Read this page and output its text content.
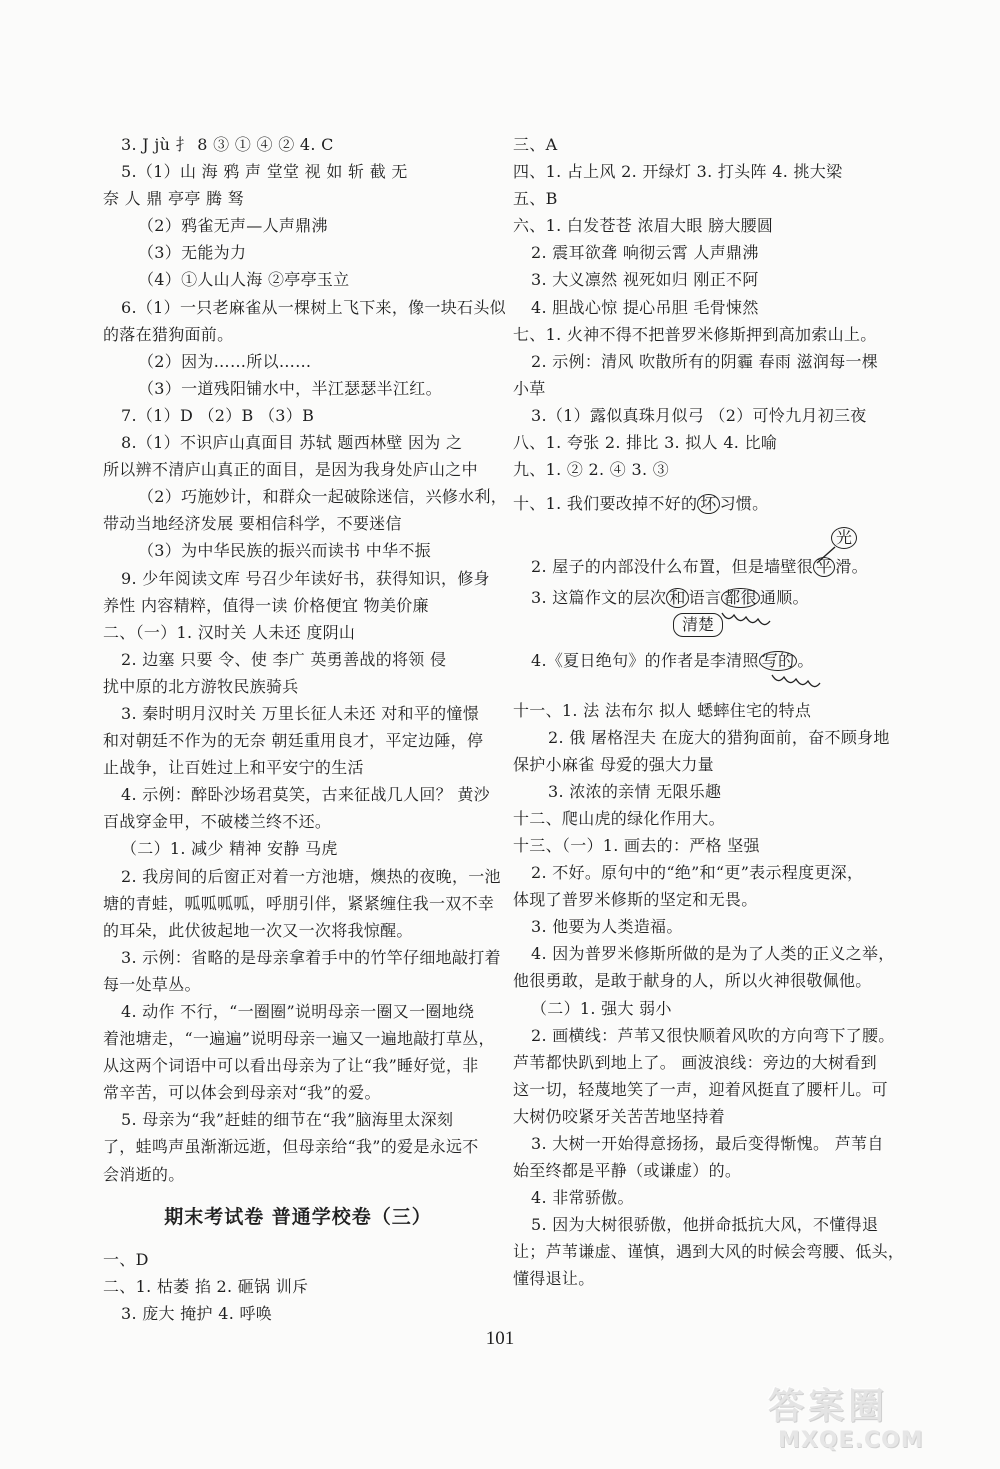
3. J jù 扌 8 ③ ① ④ ② 4. C
5.（1）山 海 鸦 声 堂堂 视 如 斩 截 无
奈 人 鼎 亭亭 腾 驽
（2）鸦雀无声—人声鼎沸
（3）无能为力
（4）①人山人海 ②亭亭玉立
6.（1）一只老麻雀从一棵树上飞下来，像一块石头似
的落在猎狗面前。
（2）因为……所以……
（3）一道残阳铺水中，半江瑟瑟半江红。
7.（1）D （2）B （3）B
8.（1）不识庐山真面目 苏轼 题西林壁 因为 之
所以辨不清庐山真正的面目，是因为我身处庐山之中
（2）巧施妙计，和群众一起破除迷信，兴修水利，
带动当地经济发展 要相信科学，不要迷信
（3）为中华民族的振兴而读书 中华不振
9. 少年阅读文库 号召少年读好书，获得知识，修身
养性 内容精粹，值得一读 价格便宜 物美价廉
二、（一）1. 汉时关 人未还 度阴山
2. 边塞 只要 令、使 李广 英勇善战的将领 侵
扰中原的北方游牧民族骑兵
3. 秦时明月汉时关 万里长征人未还 对和平的憧憬
和对朝廷不作为的无奈 朝廷重用良才，平定边陲，停
止战争，让百姓过上和平安宁的生活
4. 示例：醉卧沙场君莫笑，古来征战几人回？ 黄沙
百战穿金甲，不破楼兰终不还。
（二）1. 减少 精神 安静 马虎
2. 我房间的后窗正对着一方池塘，燠热的夜晚，一池
塘的青蛙，呱呱呱呱，呼朋引伴，紧紧缠住我一双不幸
的耳朵，此伏彼起地一次又一次将我惊醒。
3. 示例：省略的是母亲拿着手中的竹竿仔细地敲打着
每一处草丛。
4. 动作 不行，“一圈圈”说明母亲一圈又一圈地绕
着池塘走，“一遍遍”说明母亲一遍又一遍地敲打草丛，
从这两个词语中可以看出母亲为了让“我”睡好觉，非
常辛苦，可以体会到母亲对“我”的爱。
5. 母亲为“我”赶蛙的细节在“我”脑海里太深刻
了，蛙鸣声虽渐渐远逝，但母亲给“我”的爱是永远不
会消逝的。
期末考试卷 普通学校卷（三）
一、D
二、1. 枯萎 掐 2. 砸锅 训斥
3. 庞大 掩护 4. 呼唤
三、A
四、1. 占上风 2. 开绿灯 3. 打头阵 4. 挑大梁
五、B
六、1. 白发苍苍 浓眉大眼 膀大腰圆
2. 震耳欲聋 响彻云霄 人声鼎沸
3. 大义凛然 视死如归 刚正不阿
4. 胆战心惊 提心吊胆 毛骨悚然
七、1. 火神不得不把普罗米修斯押到高加索山上。
2. 示例：清风 吹散所有的阴霾 春雨 滋润每一棵
小草
3.（1）露似真珠月似弓 （2）可怜九月初三夜
八、1. 夸张 2. 排比 3. 拟人 4. 比喻
九、1. ② 2. ④ 3. ③
十、1. 我们要改掉不好的 坏 习惯。
光
2. 屋子的内部没什么布置，但是墙壁很 平 滑。
3. 这篇作文的层次 和 语言 都很 通顺。
清楚
4.《夏日绝句》的作者是李清照 写的 。
十一、1. 法 法布尔 拟人 蟋蟀住宅的特点
2. 俄 屠格涅夫 在庞大的猎狗面前，奋不顾身地
保护小麻雀 母爱的强大力量
3. 浓浓的亲情 无限乐趣
十二、爬山虎的绿化作用大。
十三、（一）1. 画去的：严格 坚强
2. 不好。原句中的“绝”和“更”表示程度更深，
体现了普罗米修斯的坚定和无畏。
3. 他要为人类造福。
4. 因为普罗米修斯所做的是为了人类的正义之举，
他很勇敢，是敢于献身的人，所以火神很敬佩他。
（二）1. 强大 弱小
2. 画横线：芦苇又很快顺着风吹的方向弯下了腰。
芦苇都快趴到地上了。 画波浪线：旁边的大树看到
这一切，轻蔑地笑了一声，迎着风挺直了腰杆儿。可
大树仍咬紧牙关苦苦地坚持着
3. 大树一开始得意扬扬，最后变得惭愧。 芦苇自
始至终都是平静（或谦虚）的。
4. 非常骄傲。
5. 因为大树很骄傲，他拼命抵抗大风，不懂得退
让；芦苇谦虚、谨慎，遇到大风的时候会弯腰、低头，
懂得退让。
101
答案圈
MXQE.COM
